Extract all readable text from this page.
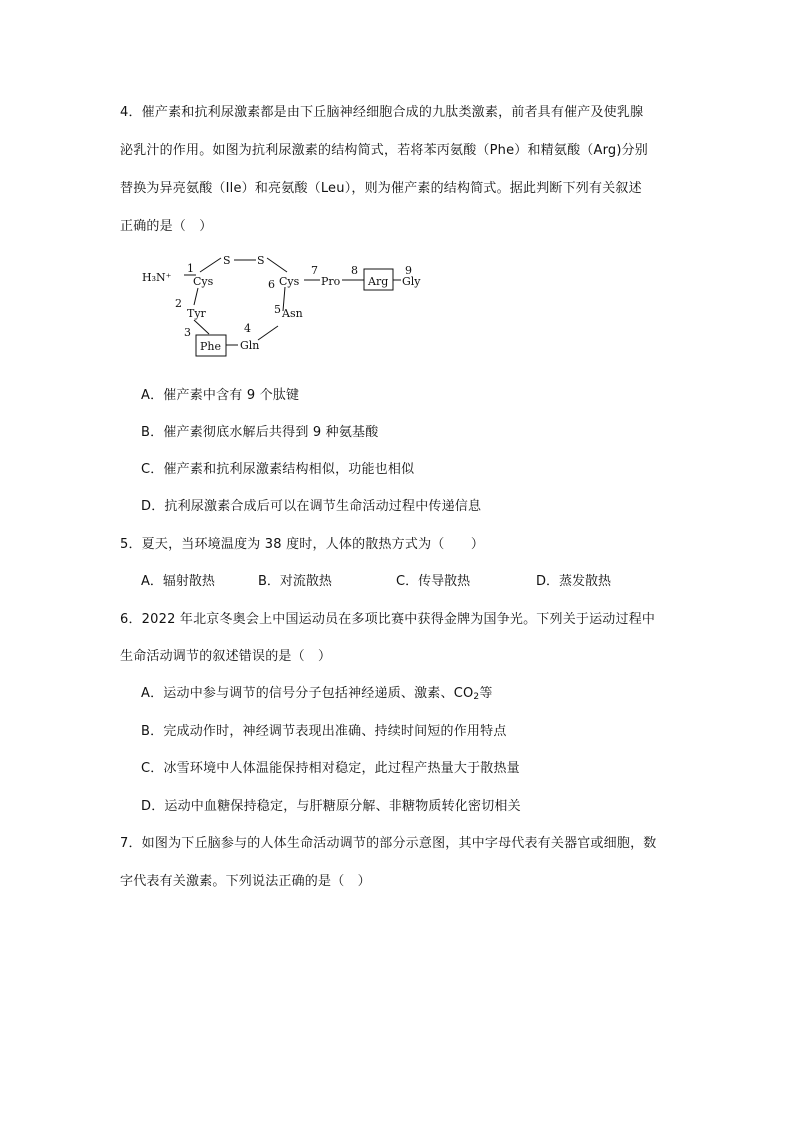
4．催产素和抗利尿激素都是由下丘脑神经细胞合成的九肽类激素，前者具有催产及使乳腺
泌乳汁的作用。如图为抗利尿激素的结构简式，若将苯丙氨酸（Phe）和精氨酸（Arg)分别
替换为异亮氨酸（Ile）和亮氨酸（Leu），则为催产素的结构简式。据此判断下列有关叙述
正确的是（　）
H₃N⁺
1
Cys
S S
2
Tyr
3
Phe
4
Gln
5 Asn
6 Cys
7
Pro
8
Arg
9
Gly
A．催产素中含有 9 个肽键
B．催产素彻底水解后共得到 9 种氨基酸
C．催产素和抗利尿激素结构相似，功能也相似
D．抗利尿激素合成后可以在调节生命活动过程中传递信息
5．夏天，当环境温度为 38 度时，人体的散热方式为（　　）
A．辐射散热	B．对流散热	C．传导散热	D．蒸发散热
6．2022 年北京冬奥会上中国运动员在多项比赛中获得金牌为国争光。下列关于运动过程中
生命活动调节的叙述错误的是（　）
A．运动中参与调节的信号分子包括神经递质、激素、$CO_2$等
B．完成动作时，神经调节表现出准确、持续时间短的作用特点
C．冰雪环境中人体温能保持相对稳定，此过程产热量大于散热量
D．运动中血糖保持稳定，与肝糖原分解、非糖物质转化密切相关
7．如图为下丘脑参与的人体生命活动调节的部分示意图，其中字母代表有关器官或细胞，数
字代表有关激素。下列说法正确的是（　）
